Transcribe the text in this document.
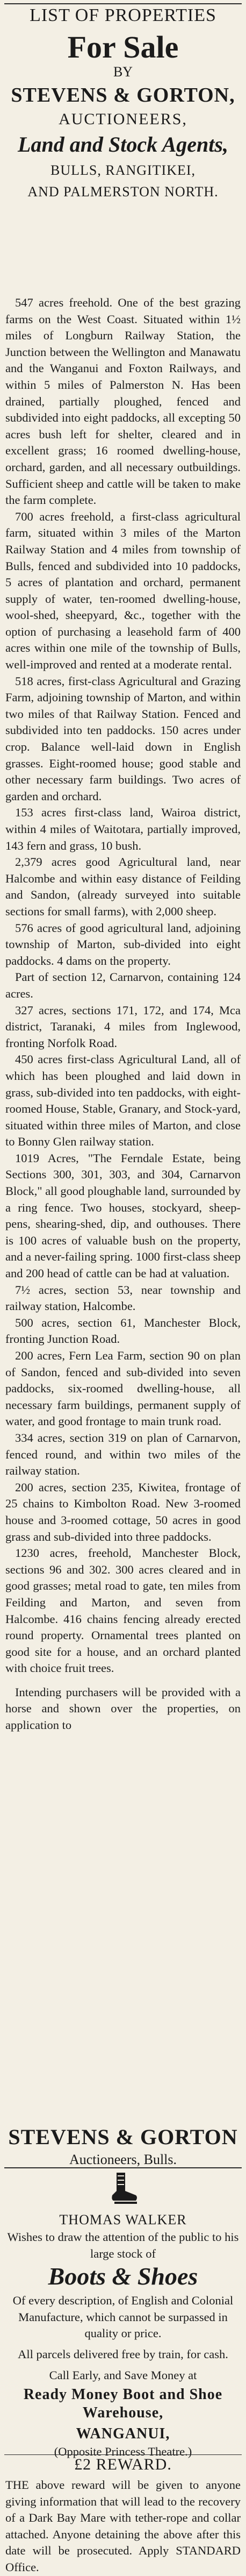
LIST OF PROPERTIES
For Sale
BY
STEVENS & GORTON,
AUCTIONEERS,
Land and Stock Agents,
BULLS, RANGITIKEI,
AND PALMERSTON NORTH.

547 acres freehold. One of the best grazing farms on the West Coast. Situated within 1½ miles of Longburn Railway Station, the Junction between the Wellington and Manawatu and the Wanganui and Foxton Railways, and within 5 miles of Palmerston N. Has been drained, partially ploughed, fenced and subdivided into eight paddocks, all excepting 50 acres bush left for shelter, cleared and in excellent grass; 16 roomed dwelling-house, orchard, garden, and all necessary outbuildings. Sufficient sheep and cattle will be taken to make the farm complete.

700 acres freehold, a first-class agricultural farm, situated within 3 miles of the Marton Railway Station and 4 miles from township of Bulls, fenced and subdivided into 10 paddocks, 5 acres of plantation and orchard, permanent supply of water, ten-roomed dwelling-house, wool-shed, sheepyard, &c., together with the option of purchasing a leasehold farm of 400 acres within one mile of the township of Bulls, well-improved and rented at a moderate rental.

518 acres, first-class Agricultural and Grazing Farm, adjoining township of Marton, and within two miles of that Railway Station. Fenced and subdivided into ten paddocks. 150 acres under crop. Balance well-laid down in English grasses. Eight-roomed house; good stable and other necessary farm buildings. Two acres of garden and orchard.

153 acres first-class land, Wairoa district, within 4 miles of Waitotara, partially improved, 143 fern and grass, 10 bush.

2,379 acres good Agricultural land, near Halcombe and within easy distance of Feilding and Sandon, (already surveyed into suitable sections for small farms), with 2,000 sheep.

576 acres of good agricultural land, adjoining township of Marton, sub-divided into eight paddocks. 4 dams on the property.

Part of section 12, Carnarvon, containing 124 acres.

327 acres, sections 171, 172, and 174, Mca district, Taranaki, 4 miles from Inglewood, fronting Norfolk Road.

450 acres first-class Agricultural Land, all of which has been ploughed and laid down in grass, sub-divided into ten paddocks, with eight-roomed House, Stable, Granary, and Stock-yard, situated within three miles of Marton, and close to Bonny Glen railway station.

1019 Acres, "The Ferndale Estate, being Sections 300, 301, 303, and 304, Carnarvon Block," all good ploughable land, surrounded by a ring fence. Two houses, stockyard, sheep-pens, shearing-shed, dip, and outhouses. There is 100 acres of valuable bush on the property, and a never-failing spring. 1000 first-class sheep and 200 head of cattle can be had at valuation.

7½ acres, section 53, near township and railway station, Halcombe.

500 acres, section 61, Manchester Block, fronting Junction Road.

200 acres, Fern Lea Farm, section 90 on plan of Sandon, fenced and sub-divided into seven paddocks, six-roomed dwelling-house, all necessary farm buildings, permanent supply of water, and good frontage to main trunk road.

334 acres, section 319 on plan of Carnarvon, fenced round, and within two miles of the railway station.

200 acres, section 235, Kiwitea, frontage of 25 chains to Kimbolton Road. New 3-roomed house and 3-roomed cottage, 50 acres in good grass and sub-divided into three paddocks.

1230 acres, freehold, Manchester Block, sections 96 and 302. 300 acres cleared and in good grasses; metal road to gate, ten miles from Feilding and Marton, and seven from Halcombe. 416 chains fencing already erected round property. Ornamental trees planted on good site for a house, and an orchard planted with choice fruit trees.

Intending purchasers will be provided with a horse and shown over the properties, on application to

STEVENS & GORTON
Auctioneers, Bulls.
THOMAS WALKER

Wishes to draw the attention of the public to his large stock of

Boots & Shoes

Of every description, of English and Colonial Manufacture, which cannot be surpassed in quality or price.

All parcels delivered free by train, for cash.

Call Early, and Save Money at

Ready Money Boot and Shoe Warehouse,
WANGANUI,

(Opposite Princess Theatre.)

£2 REWARD.

THE above reward will be given to anyone giving information that will lead to the recovery of a Dark Bay Mare with tether-rope and collar attached. Anyone detaining the above after this date will be prosecuted. Apply STANDARD Office.
